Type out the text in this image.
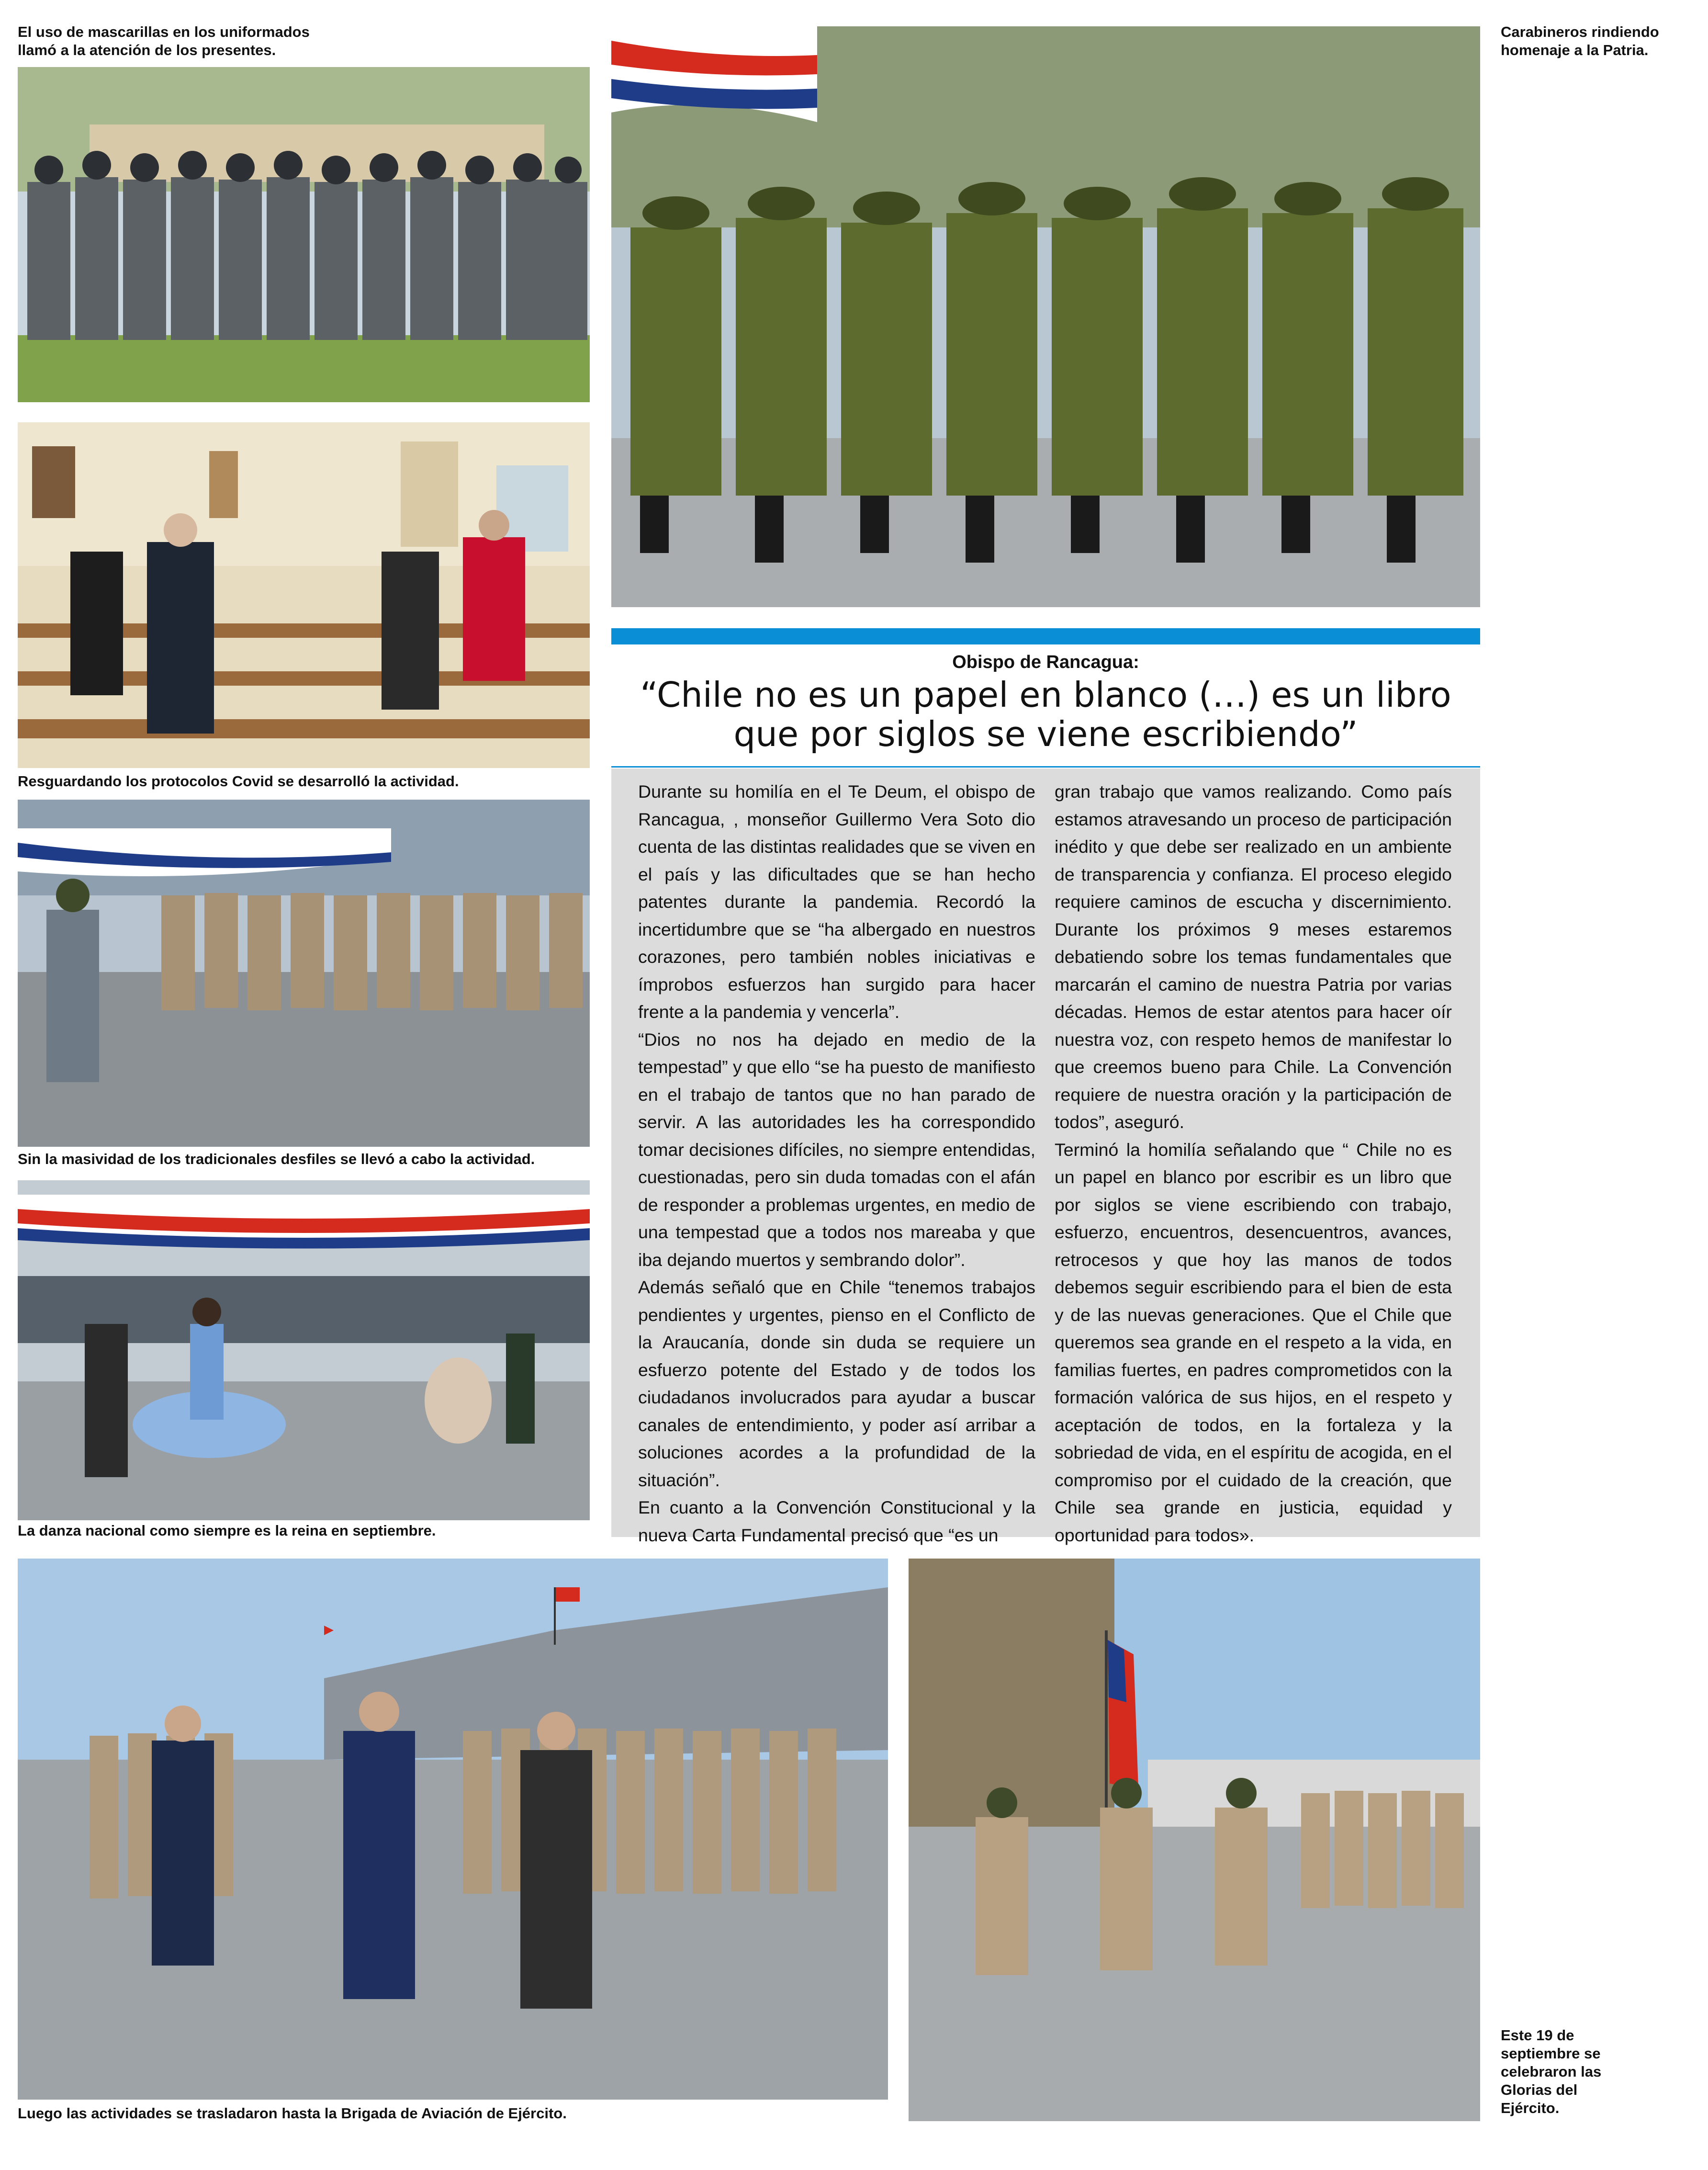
El uso de mascarillas en los uniformados llamó a la atención de los presentes.
Carabineros rindiendo homenaje a la Patria.
Resguardando los protocolos Covid se desarrolló la actividad.
Sin la masividad de los tradicionales desfiles se llevó a cabo la actividad.
La danza nacional como siempre es la reina en septiembre.
Obispo de Rancagua:
“Chile no es un papel en blanco (…) es un libro que por siglos se viene escribiendo”

Durante su homilía en el Te Deum, el obispo de Rancagua, , monseñor Guillermo Vera Soto dio cuenta de las distintas realidades que se viven en el país y las dificultades que se han hecho patentes durante la pandemia. Recordó la incertidumbre que se “ha albergado en nuestros corazones, pero también nobles iniciativas e ímprobos esfuerzos han surgido para hacer frente a la pandemia y vencerla”.

“Dios no nos ha dejado en medio de la tempestad” y que ello “se ha puesto de manifiesto en el trabajo de tantos que no han parado de servir. A las autoridades les ha correspondido tomar decisiones difíciles, no siempre entendidas, cuestionadas, pero sin duda tomadas con el afán de responder a problemas urgentes, en medio de una tempestad que a todos nos mareaba y que iba dejando muertos y sembrando dolor”.

Además señaló que en Chile “tenemos trabajos pendientes y urgentes, pienso en el Conflicto de la Araucanía, donde sin duda se requiere un esfuerzo potente del Estado y de todos los ciudadanos involucrados para ayudar a buscar canales de entendimiento, y poder así arribar a soluciones acordes a la profundidad de la situación”.

En cuanto a la Convención Constitucional y la nueva Carta Fundamental precisó que “es un

gran trabajo que vamos realizando. Como país estamos atravesando un proceso de participación inédito y que debe ser realizado en un ambiente de transparencia y confianza. El proceso elegido requiere caminos de escucha y discernimiento. Durante los próximos 9 meses estaremos debatiendo sobre los temas fundamentales que marcarán el camino de nuestra Patria por varias décadas. Hemos de estar atentos para hacer oír nuestra voz, con respeto hemos de manifestar lo que creemos bueno para Chile. La Convención requiere de nuestra oración y la participación de todos”, aseguró.

Terminó la homilía señalando que “ Chile no es un papel en blanco por escribir es un libro que por siglos se viene escribiendo con trabajo, esfuerzo, encuentros, desencuentros, avances, retrocesos y que hoy las manos de todos debemos seguir escribiendo para el bien de esta y de las nuevas generaciones. Que el Chile que queremos sea grande en el respeto a la vida, en familias fuertes, en padres comprometidos con la formación valórica de sus hijos, en el respeto y aceptación de todos, en la fortaleza y la sobriedad de vida, en el espíritu de acogida, en el compromiso por el cuidado de la creación, que Chile sea grande en justicia, equidad y oportunidad para todos».

Luego las actividades se trasladaron hasta la Brigada de Aviación de Ejército.
Este 19 de septiembre se celebraron las Glorias del Ejército.
